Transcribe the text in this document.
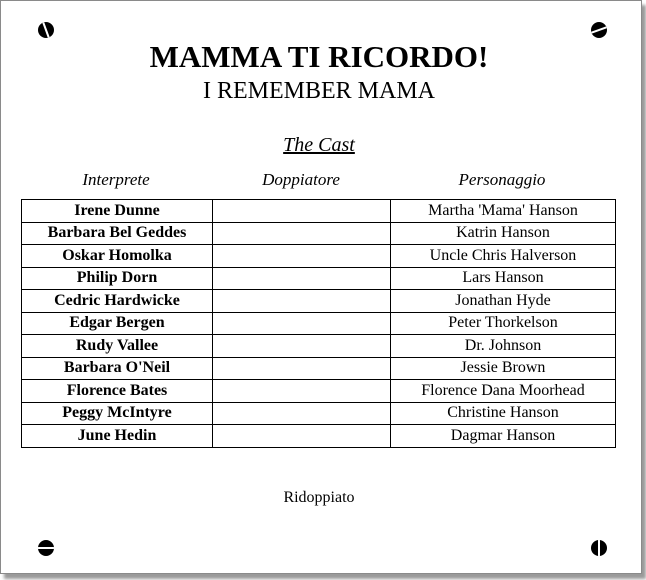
MAMMA TI RICORDO!
I REMEMBER MAMA
The Cast
Interprete	Doppiatore	Personaggio
Irene Dunne		Martha 'Mama' Hanson
Barbara Bel Geddes		Katrin Hanson
Oskar Homolka		Uncle Chris Halverson
Philip Dorn		Lars Hanson
Cedric Hardwicke		Jonathan Hyde
Edgar Bergen		Peter Thorkelson
Rudy Vallee		Dr. Johnson
Barbara O'Neil		Jessie Brown
Florence Bates		Florence Dana Moorhead
Peggy McIntyre		Christine Hanson
June Hedin		Dagmar Hanson
Ridoppiato
